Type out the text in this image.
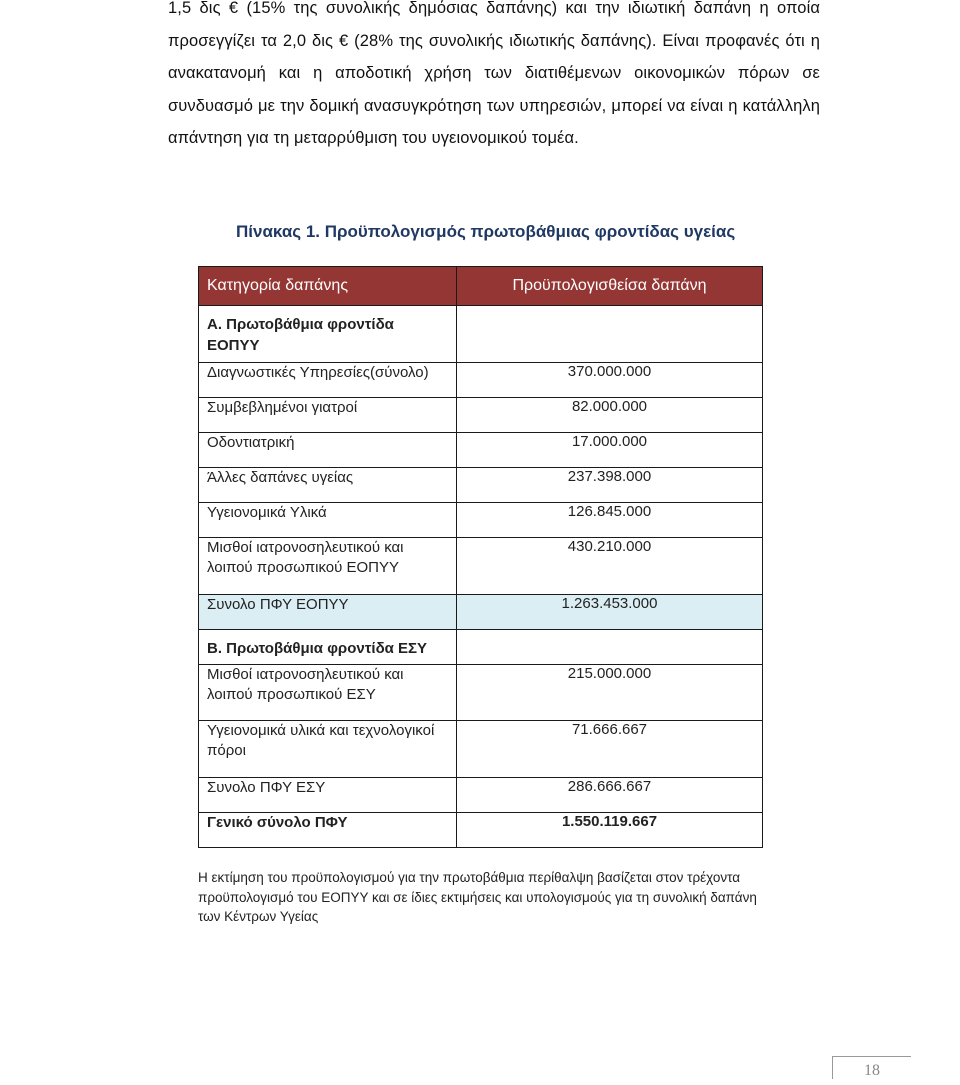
1,5 δις € (15% της συνολικής δημόσιας δαπάνης) και την ιδιωτική δαπάνη η οποία προσεγγίζει τα 2,0 δις € (28% της συνολικής ιδιωτικής δαπάνης). Είναι προφανές ότι η ανακατανομή και η αποδοτική χρήση των διατιθέμενων οικονομικών πόρων σε συνδυασμό με την δομική ανασυγκρότηση των υπηρεσιών, μπορεί να είναι η κατάλληλη απάντηση για τη μεταρρύθμιση του υγειονομικού τομέα.

Πίνακας 1. Προϋπολογισμός πρωτοβάθμιας φροντίδας υγείας
Κατηγορία δαπάνης	Προϋπολογισθείσα δαπάνη
Α. Πρωτοβάθμια φροντίδα ΕΟΠΥΥ	
Διαγνωστικές Υπηρεσίες(σύνολο)	370.000.000
Συμβεβλημένοι γιατροί	82.000.000
Οδοντιατρική	17.000.000
Άλλες δαπάνες υγείας	237.398.000
Υγειονομικά Υλικά	126.845.000
Μισθοί ιατρονοσηλευτικού και λοιπού προσωπικού ΕΟΠΥΥ	430.210.000
Συνολο ΠΦΥ ΕΟΠΥΥ	1.263.453.000
Β. Πρωτοβάθμια φροντίδα ΕΣΥ	
Μισθοί ιατρονοσηλευτικού και λοιπού προσωπικού ΕΣΥ	215.000.000
Υγειονομικά υλικά και τεχνολογικοί πόροι	71.666.667
Συνολο ΠΦΥ ΕΣΥ	286.666.667
Γενικό σύνολο ΠΦΥ	1.550.119.667
Η εκτίμηση του προϋπολογισμού για την πρωτοβάθμια περίθαλψη βασίζεται στον τρέχοντα προϋπολογισμό του ΕΟΠΥΥ και σε ίδιες εκτιμήσεις και υπολογισμούς για τη συνολική δαπάνη των Κέντρων Υγείας
18
